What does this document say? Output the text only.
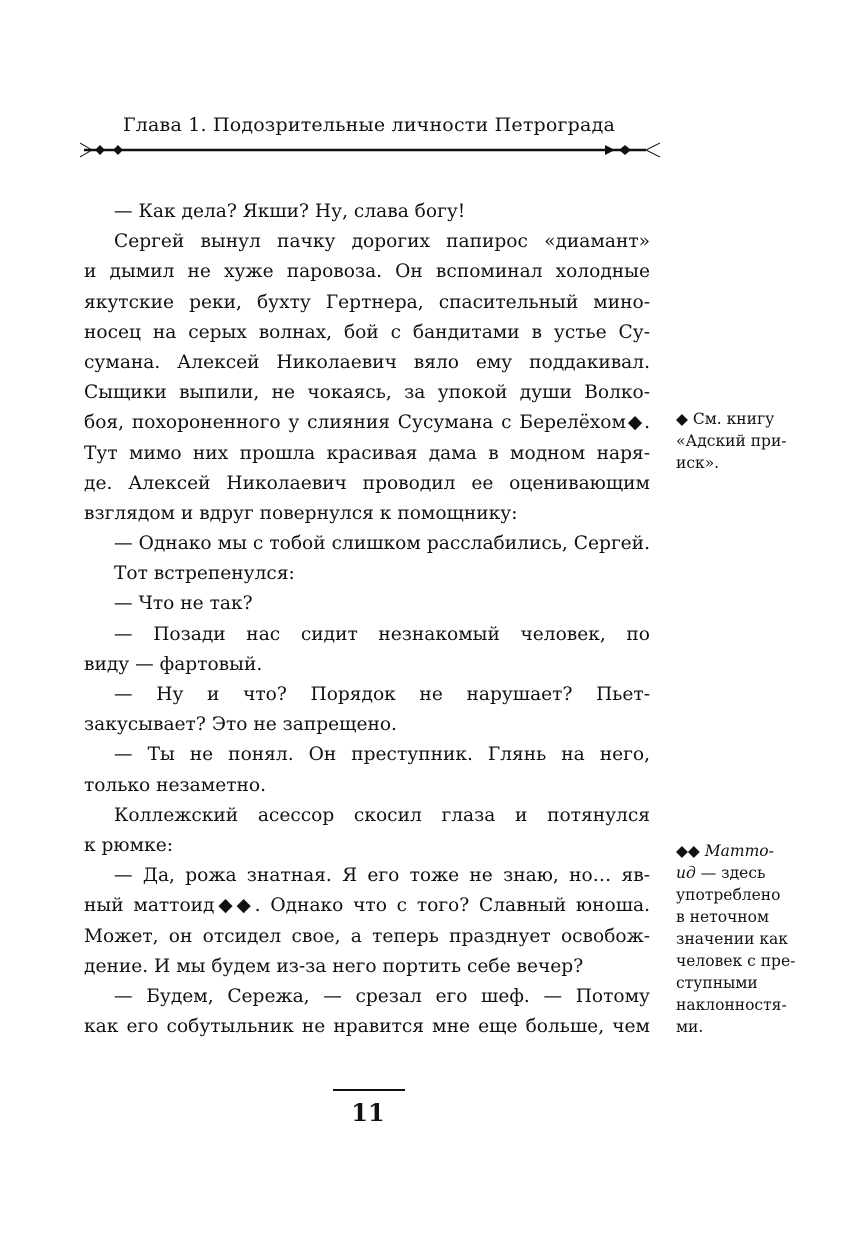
Глава 1. Подозрительные личности Петрограда
— Как дела? Якши? Ну, слава богу!
Сергей вынул пачку дорогих папирос «диамант»
и дымил не хуже паровоза. Он вспоминал холодные
якутские реки, бухту Гертнера, спасительный мино-
носец на серых волнах, бой с бандитами в устье Су-
сумана. Алексей Николаевич вяло ему поддакивал.
Сыщики выпили, не чокаясь, за упокой души Волко-
боя, похороненного у слияния Сусумана с Берелёхом◆.
Тут мимо них прошла красивая дама в модном наря-
де. Алексей Николаевич проводил ее оценивающим
взглядом и вдруг повернулся к помощнику:
— Однако мы с тобой слишком расслабились, Сергей.
Тот встрепенулся:
— Что не так?
— Позади нас сидит незнакомый человек, по
виду — фартовый.
— Ну и что? Порядок не нарушает? Пьет-
закусывает? Это не запрещено.
— Ты не понял. Он преступник. Глянь на него,
только незаметно.
Коллежский асессор скосил глаза и потянулся
к рюмке:
— Да, рожа знатная. Я его тоже не знаю, но… яв-
ный маттоид◆◆. Однако что с того? Славный юноша.
Может, он отсидел свое, а теперь празднует освобож-
дение. И мы будем из-за него портить себе вечер?
— Будем, Сережа, — срезал его шеф. — Потому
как его собутыльник не нравится мне еще больше, чем
◆ См. книгу
«Адский при-
иск».
◆◆ Матто-
ид — здесь
употреблено
в неточном
значении как
человек с пре-
ступными
наклонностя-
ми.
11
